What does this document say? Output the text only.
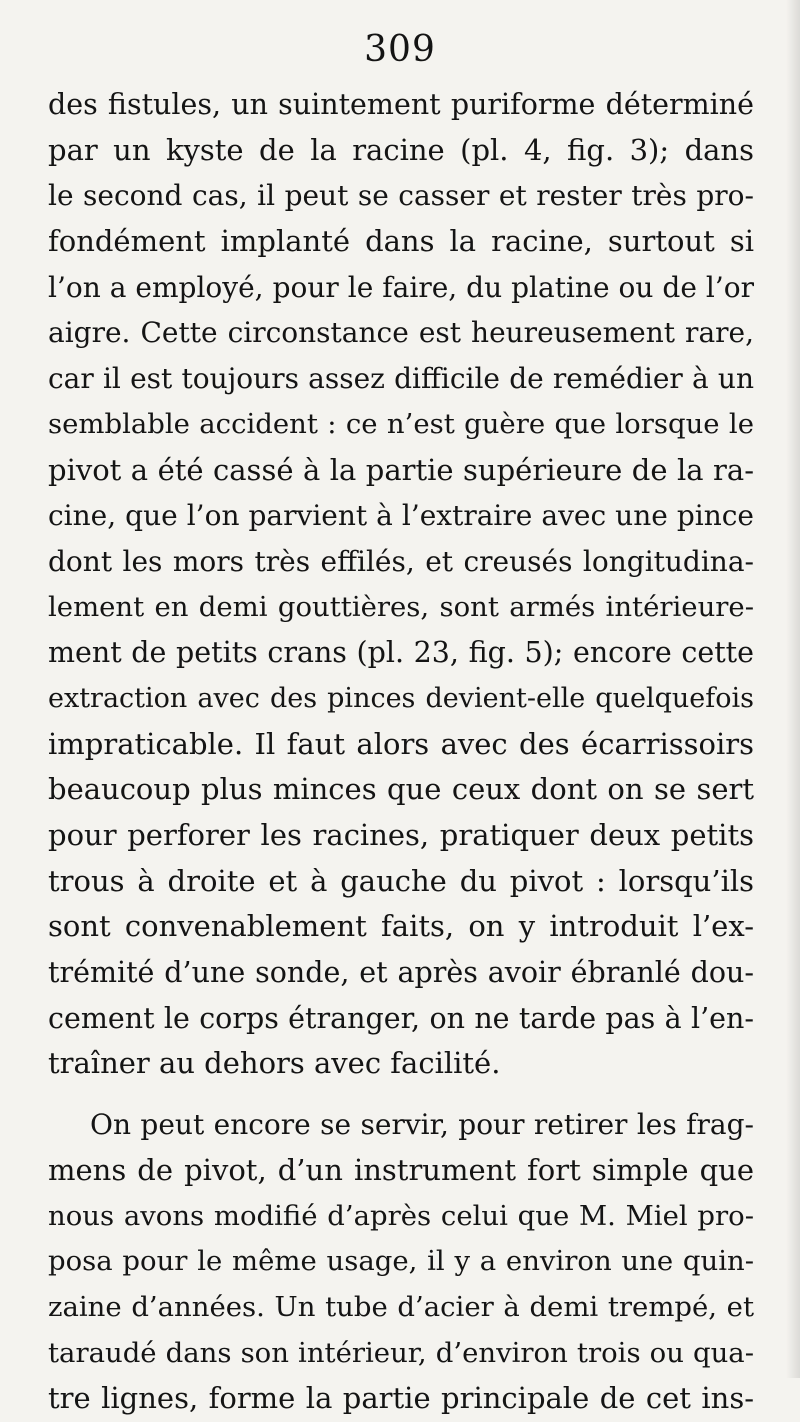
309
des fistules, un suintement puriforme déterminé
par un kyste de la racine (pl. 4, fig. 3); dans
le second cas, il peut se casser et rester très pro-
fondément implanté dans la racine, surtout si
l’on a employé, pour le faire, du platine ou de l’or
aigre. Cette circonstance est heureusement rare,
car il est toujours assez difficile de remédier à un
semblable accident : ce n’est guère que lorsque le
pivot a été cassé à la partie supérieure de la ra-
cine, que l’on parvient à l’extraire avec une pince
dont les mors très effilés, et creusés longitudina-
lement en demi gouttières, sont armés intérieure-
ment de petits crans (pl. 23, fig. 5); encore cette
extraction avec des pinces devient-elle quelquefois
impraticable. Il faut alors avec des écarrissoirs
beaucoup plus minces que ceux dont on se sert
pour perforer les racines, pratiquer deux petits
trous à droite et à gauche du pivot : lorsqu’ils
sont convenablement faits, on y introduit l’ex-
trémité d’une sonde, et après avoir ébranlé dou-
cement le corps étranger, on ne tarde pas à l’en-
traîner au dehors avec facilité.
On peut encore se servir, pour retirer les frag-
mens de pivot, d’un instrument fort simple que
nous avons modifié d’après celui que M. Miel pro-
posa pour le même usage, il y a environ une quin-
zaine d’années. Un tube d’acier à demi trempé, et
taraudé dans son intérieur, d’environ trois ou qua-
tre lignes, forme la partie principale de cet ins-
